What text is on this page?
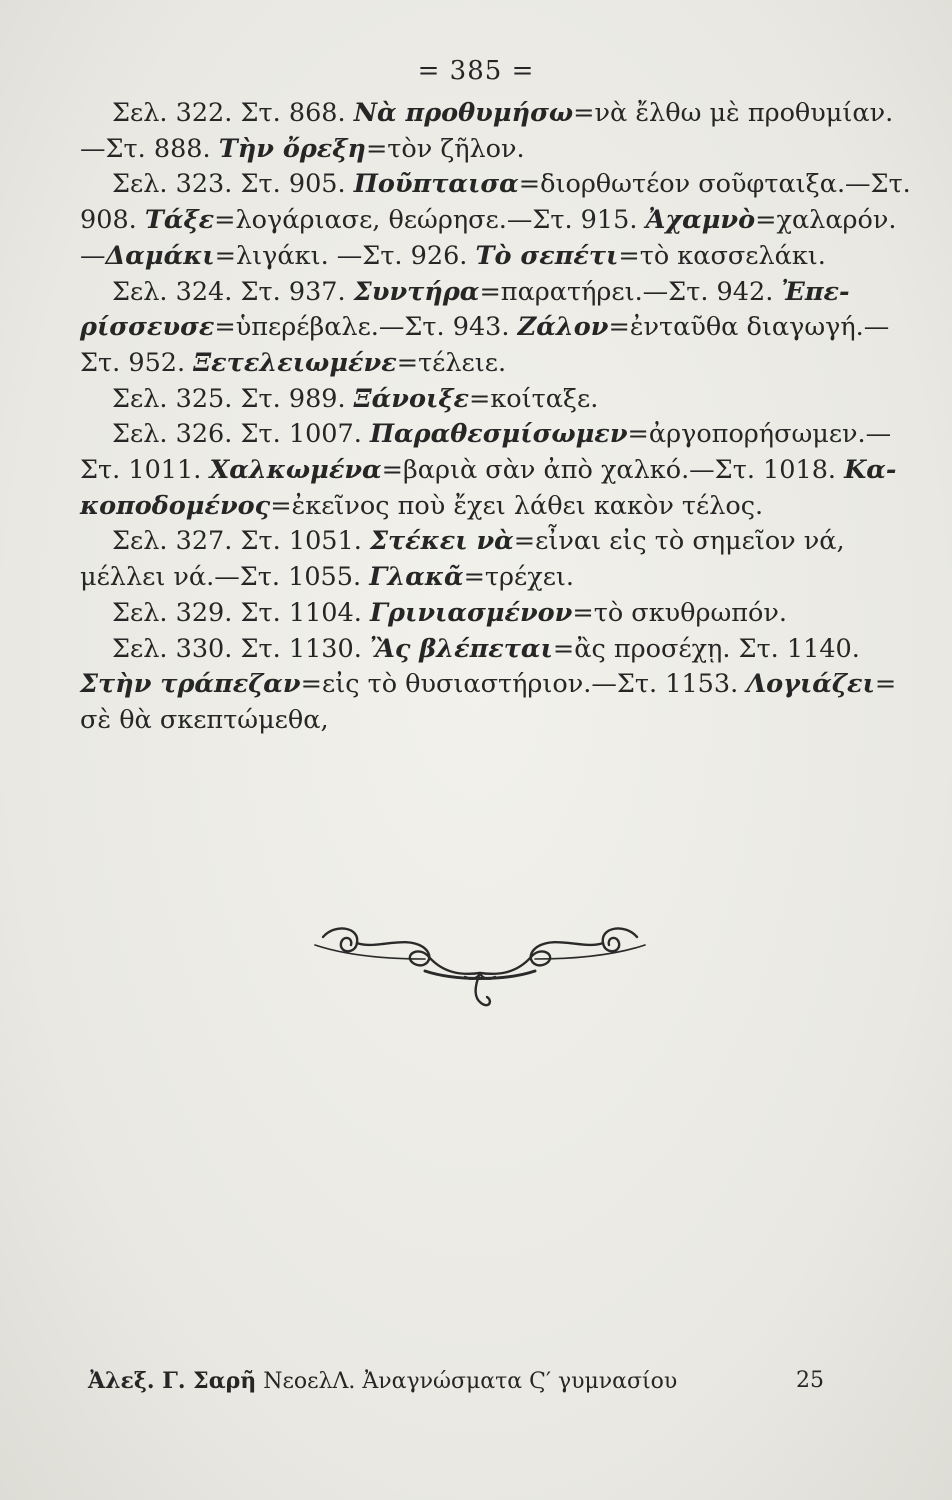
= 385 =
Σελ. 322. Στ. 868. Νὰ προθυμήσω=νὰ ἔλθω μὲ προθυμίαν.
—Στ. 888. Τὴν ὄρεξη=τὸν ζῆλον.
Σελ. 323. Στ. 905. Ποῦπταισα=διορθωτέον σοῦφταιξα.—Στ.
908. Τάξε=λογάριασε, θεώρησε.—Στ. 915. Ἀχαμνὸ=χαλαρόν.
—Δαμάκι=λιγάκι. —Στ. 926. Τὸ σεπέτι=τὸ κασσελάκι.
Σελ. 324. Στ. 937. Συντήρα=παρατήρει.—Στ. 942. Ἐπε-
ρίσσευσε=ὑπερέβαλε.—Στ. 943. Ζάλον=ἐνταῦθα διαγωγή.—
Στ. 952. Ξετελειωμένε=τέλειε.
Σελ. 325. Στ. 989. Ξάνοιξε=κοίταξε.
Σελ. 326. Στ. 1007. Παραθεσμίσωμεν=ἀργοπορήσωμεν.—
Στ. 1011. Χαλκωμένα=βαριὰ σὰν ἀπὸ χαλκό.—Στ. 1018. Κα-
κοποδομένος=ἐκεῖνος ποὺ ἔχει λάθει κακὸν τέλος.
Σελ. 327. Στ. 1051. Στέκει νὰ=εἶναι εἰς τὸ σημεῖον νά,
μέλλει νά.—Στ. 1055. Γλακᾶ=τρέχει.
Σελ. 329. Στ. 1104. Γρινιασμένον=τὸ σκυθρωπόν.
Σελ. 330. Στ. 1130. Ἂς βλέπεται=ἂς προσέχῃ. Στ. 1140.
Στὴν τράπεζαν=εἰς τὸ θυσιαστήριον.—Στ. 1153. Λογιάζει=
σὲ θὰ σκεπτώμεθα,
Ἀλεξ. Γ. Σαρῆ ΝεοελΛ. Ἀναγνώσματα Ϛ′ γυμνασίου	25
